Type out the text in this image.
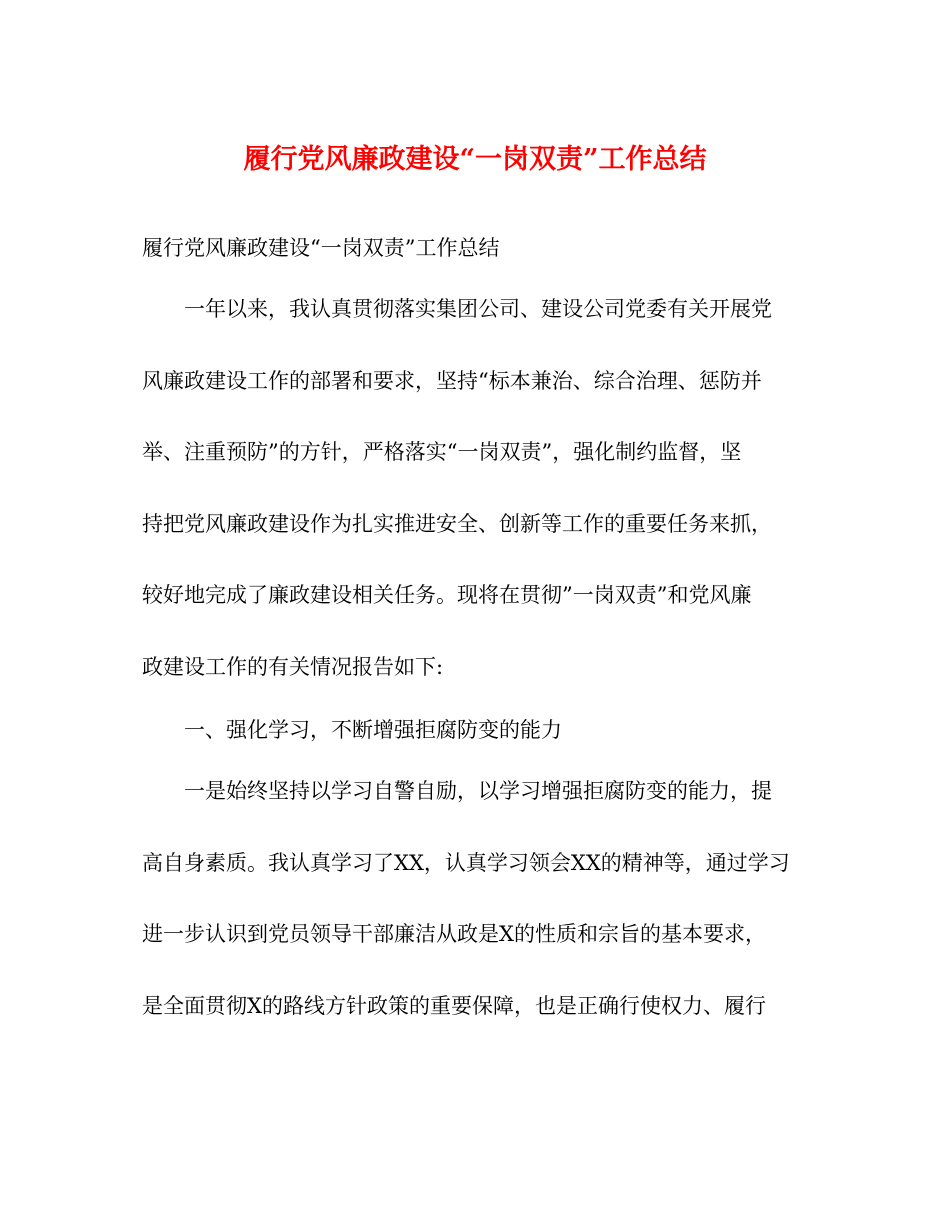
履行党风廉政建设“一岗双责”工作总结

履行党风廉政建设“一岗双责”工作总结

一年以来，我认真贯彻落实集团公司、建设公司党委有关开展党

风廉政建设工作的部署和要求，坚持“标本兼治、综合治理、惩防并

举、注重预防”的方针，严格落实“一岗双责”，强化制约监督，坚

持把党风廉政建设作为扎实推进安全、创新等工作的重要任务来抓，

较好地完成了廉政建设相关任务。现将在贯彻”一岗双责”和党风廉

政建设工作的有关情况报告如下:

一、强化学习，不断增强拒腐防变的能力

一是始终坚持以学习自警自励，以学习增强拒腐防变的能力，提

高自身素质。我认真学习了XX，认真学习领会XX的精神等，通过学习

进一步认识到党员领导干部廉洁从政是X的性质和宗旨的基本要求，

是全面贯彻X的路线方针政策的重要保障，也是正确行使权力、履行
